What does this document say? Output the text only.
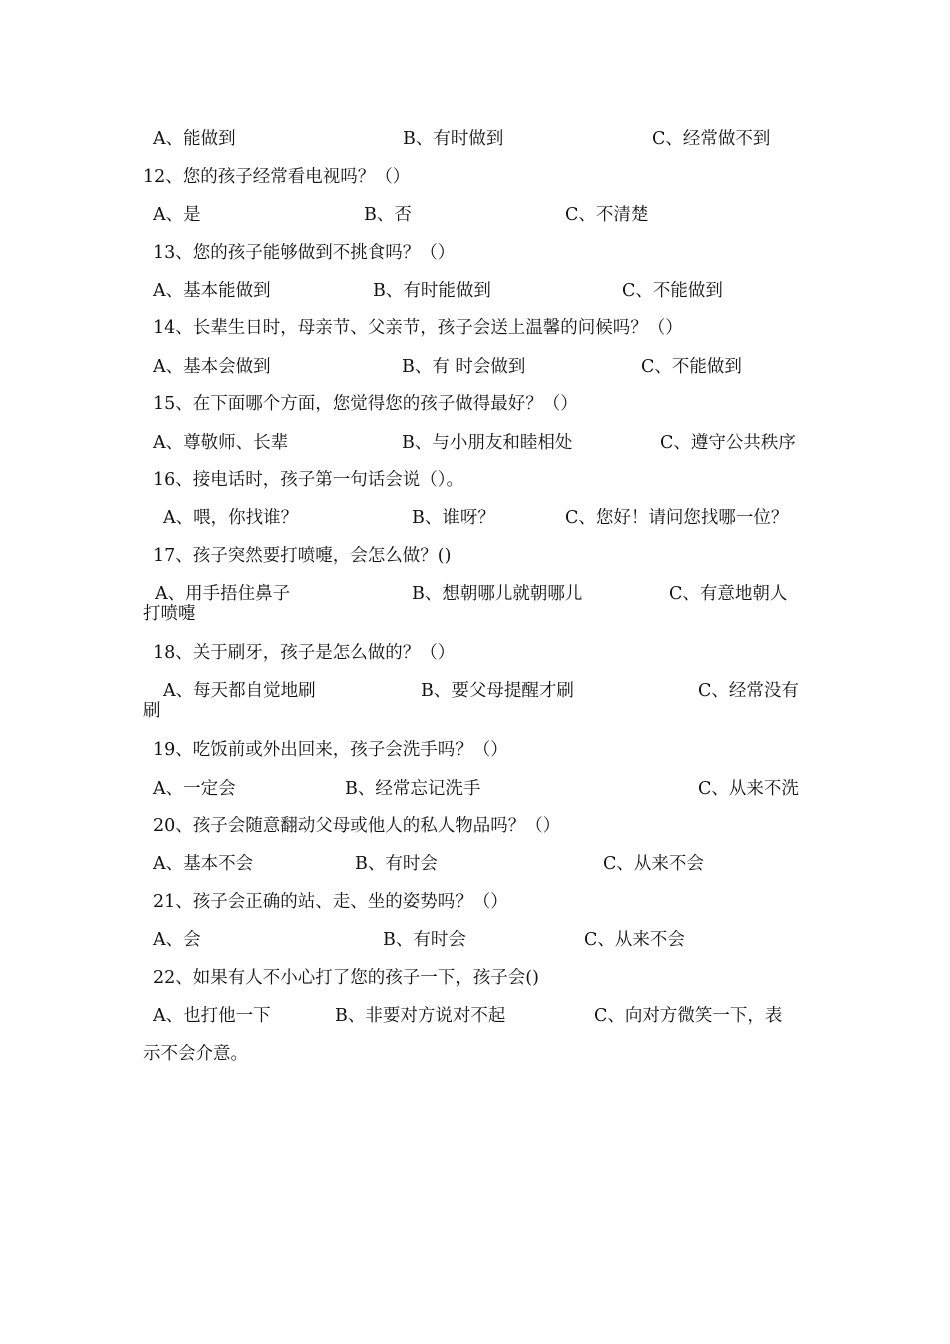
A、能做到	B、有时做到	C、经常做不到
12、您的孩子经常看电视吗？（）
A、是	B、否	C、不清楚
13、您的孩子能够做到不挑食吗？（）
A、基本能做到	B、有时能做到	C、不能做到
14、长辈生日时，母亲节、父亲节，孩子会送上温馨的问候吗？（）
A、基本会做到	B、有 时会做到	C、不能做到
15、在下面哪个方面，您觉得您的孩子做得最好？（）
A、尊敬师、长辈	B、与小朋友和睦相处	C、遵守公共秩序
16、接电话时，孩子第一句话会说（）。
A、喂，你找谁？	B、谁呀？	C、您好！请问您找哪一位？
17、孩子突然要打喷嚏，会怎么做？()
A、用手捂住鼻子	B、想朝哪儿就朝哪儿	C、有意地朝人
打喷嚏
18、关于刷牙，孩子是怎么做的？（）
A、每天都自觉地刷	B、要父母提醒才刷	C、经常没有
刷
19、吃饭前或外出回来，孩子会洗手吗？（）
A、一定会	B、经常忘记洗手	C、从来不洗
20、孩子会随意翻动父母或他人的私人物品吗？（）
A、基本不会	B、有时会	C、从来不会
21、孩子会正确的站、走、坐的姿势吗？（）
A、会	B、有时会	C、从来不会
22、如果有人不小心打了您的孩子一下，孩子会()
A、也打他一下	B、非要对方说对不起	C、向对方微笑一下，表
示不会介意。
